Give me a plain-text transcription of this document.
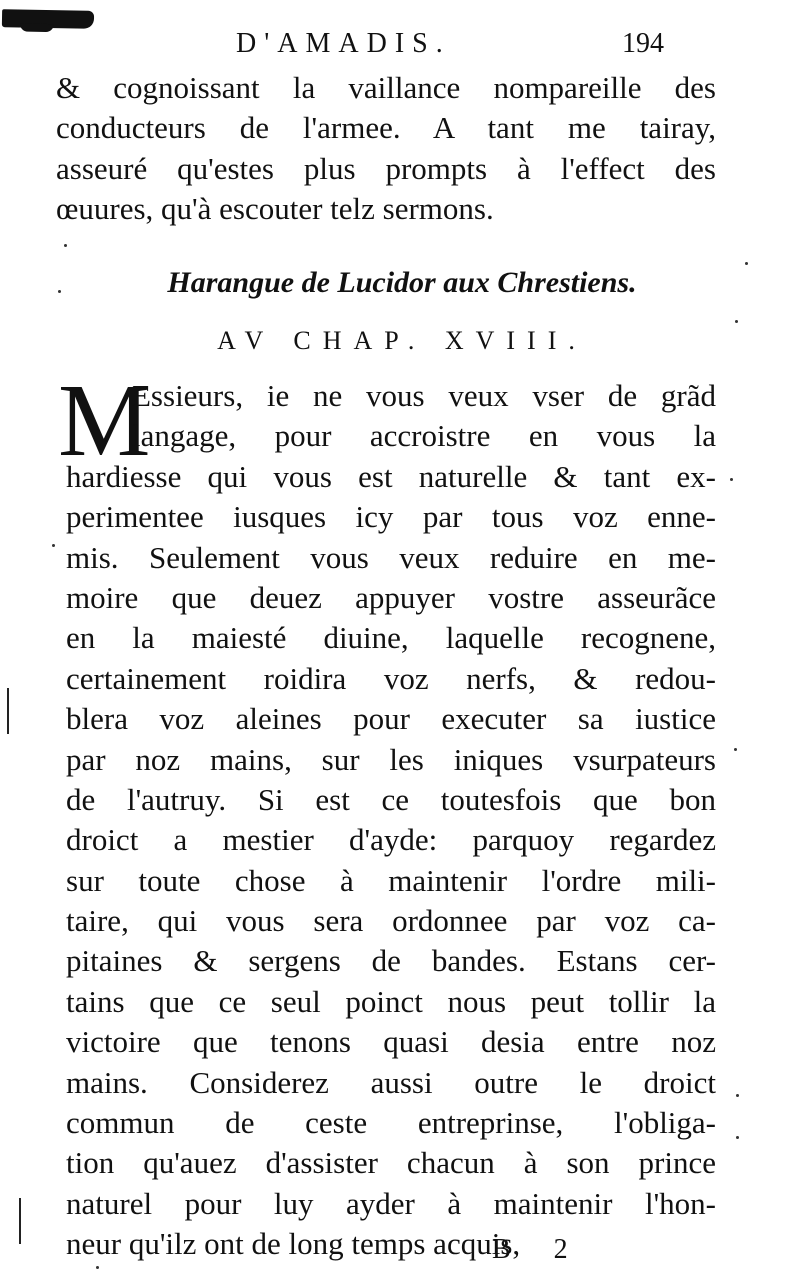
D'AMADIS.	194
& cognoissant la vaillance nompareille des
conducteurs de l'armee. A tant me tairay,
asseuré qu'estes plus prompts à l'effect des
œuures, qu'à escouter telz sermons.
Harangue de Lucidor aux Chrestiens.
AV CHAP. XVIII.
M
Essieurs, ie ne vous veux vser de grãd
langage, pour accroistre en vous la
hardiesse qui vous est naturelle & tant ex-
perimentee iusques icy par tous voz enne-
mis. Seulement vous veux reduire en me-
moire que deuez appuyer vostre asseurãce
en la maiesté diuine, laquelle recognene,
certainement roidira voz nerfs, & redou-
blera voz aleines pour executer sa iustice
par noz mains, sur les iniques vsurpateurs
de l'autruy. Si est ce toutesfois que bon
droict a mestier d'ayde: parquoy regardez
sur toute chose à maintenir l'ordre mili-
taire, qui vous sera ordonnee par voz ca-
pitaines & sergens de bandes. Estans cer-
tains que ce seul poinct nous peut tollir la
victoire que tenons quasi desia entre noz
mains. Considerez aussi outre le droict
commun de ceste entreprinse, l'obliga-
tion qu'auez d'assister chacun à son prince
naturel pour luy ayder à maintenir l'hon-
neur qu'ilz ont de long temps acquis,
B 2
